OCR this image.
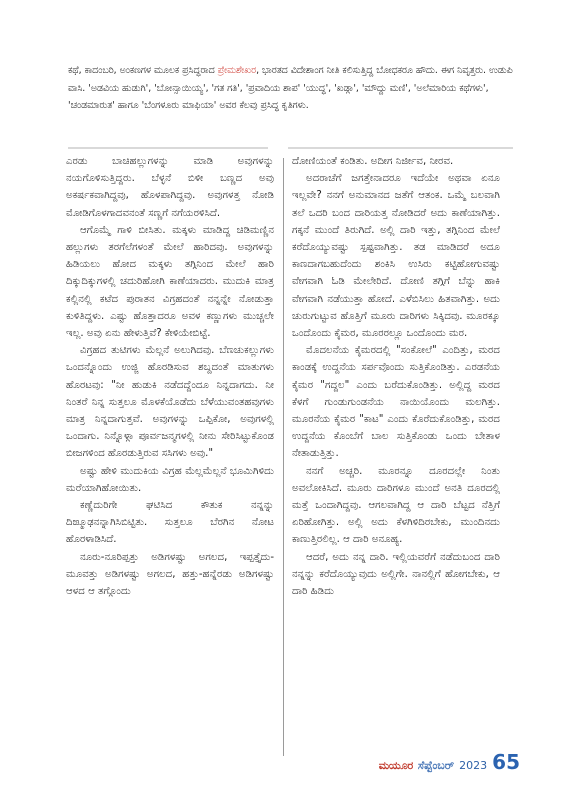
ಕಥೆ, ಕಾದಂಬರಿ, ಅಂಕಣಗಳ ಮೂಲಕ ಪ್ರಸಿದ್ಧರಾದ ಪ್ರೇಮಶೇಖರ, ಭಾರತದ ವಿದೇಶಾಂಗ ನೀತಿ ಕಲಿಸುತ್ತಿದ್ದ ಬೋಧಕರೂ ಹೌದು. ಈಗ ನಿವೃತ್ತರು. ಉಡುಪಿ ವಾಸಿ. 'ಅಡವಿಯ ಹುಡುಗಿ', 'ಬೋನ್ಸಾಯಿಯ್ಯ', 'ಗತ ಗತಿ', 'ಪ್ರವಾದಿಯ ಶಾಪ' 'ಯುದ್ಧ', 'ಖಡ್ಗಾ', 'ಮೌದ್ದು ಮಣಿ', 'ಅಲೆಮಾರಿಯ ಕಥೆಗಳು', 'ಚಂಡಮಾರುತ' ಹಾಗೂ 'ಬೆಂಗಳೂರು ಮಾಫಿಯಾ' ಅವರ ಕೆಲವು ಪ್ರಸಿದ್ಧ ಕೃತಿಗಳು.

ಎರಡು ಬಾಚಿಹಲ್ಲುಗಳನ್ನು ಮಾಡಿ ಅವುಗಳನ್ನು ನಯಗೊಳಿಸುತ್ತಿದ್ದರು. ಬೆಳ್ಳನೆ ಬಿಳೀ ಬಣ್ಣದ ಅವು ಅಕರ್ಷಕವಾಗಿದ್ದವು, ಹೊಳಪಾಗಿದ್ದವು. ಅವುಗಳತ್ತ ನೋಡಿ ಮೋಡಿಗೊಳಗಾದವನಂತೆ ಸಣ್ಣಗೆ ನಗೆಯರಳಿಸಿದೆ.

ಆಗೊಮ್ಮೆ ಗಾಳಿ ಬೀಸಿತು. ಮಕ್ಕಳು ಮಾಡಿದ್ದ ಚಿಡಿಮಣ್ಣಿನ ಹಲ್ಲುಗಳು ತರಗೆಲೆಗಳಂತೆ ಮೇಲೆ ಹಾರಿದವು. ಅವುಗಳನ್ನು ಹಿಡಿಯಲು ಹೋದ ಮಕ್ಕಳು ತಗ್ಗಿನಿಂದ ಮೇಲೆ ಹಾರಿ ದಿಕ್ಕುದಿಕ್ಕುಗಳಲ್ಲಿ ಚದುರಿಹೋಗಿ ಕಾಣೆಯಾದರು. ಮುದುಕಿ ಮಾತ್ರ ಕಲ್ಲಿನಲ್ಲಿ ಕಟೆದ ಪುರಾತನ ವಿಗ್ರಹದಂತೆ ನನ್ನನ್ನೇ ನೋಡುತ್ತಾ ಕುಳಿತಿದ್ದಳು. ಎಷ್ಟು ಹೊತ್ತಾದರೂ ಅವಳ ಕಣ್ಣುಗಳು ಮುಚ್ಚಲೇ ಇಲ್ಲ. ಅವು ಏನು ಹೇಳುತ್ತಿವೆ? ಕೇಳಿಯೇಬಿಟ್ಟೆ.

ವಿಗ್ರಹದ ತುಟಿಗಳು ಮೆಲ್ಲನೆ ಅಲುಗಿದವು. ಬೆಣಚುಕಲ್ಲುಗಳು ಒಂದನ್ನೊಂದು ಉಜ್ಜಿ ಹೊರಡಿಸುವ ಶಬ್ದದಂತೆ ಮಾತುಗಳು ಹೊರಟವು: "ನೀ ಹುಡುಕಿ ನಡೆದದ್ದೆಂದೂ ನಿನ್ನದಾಗದು. ನೀ ನಿಂತರೆ ನಿನ್ನ ಸುತ್ತಲೂ ಮೊಳಕೆಯೊಡೆದು ಬೆಳೆಯುವಂತಹವುಗಳು ಮಾತ್ರ ನಿನ್ನದಾಗುತ್ತವೆ. ಅವುಗಳನ್ನು ಒಪ್ಪಿಕೋ, ಅವುಗಳಲ್ಲಿ ಒಂದಾಗು. ನಿನ್ನೊಳ್ಗಾ ಪೂರ್ವಜನ್ಮಗಳಲ್ಲಿ ನೀನು ಸೇರಿಸಿಟ್ಟುಕೊಂಡ ಬೀಜಗಳಿಂದ ಹೊರಡುತ್ತಿರುವ ಸಸಿಗಳು ಅವು."

ಅಷ್ಟು ಹೇಳಿ ಮುದುಕಿಯ ವಿಗ್ರಹ ಮೆಲ್ಲಮೆಲ್ಲನೆ ಭೂಮಿಗಿಳಿದು ಮರೆಯಾಗಿಹೋಯಿತು.

ಕಣ್ಣೆದುರಿಗೇ ಘಟಿಸಿದ ಕೌತುಕ ನನ್ನನ್ನು ದಿಙ್ಮೂಢನನ್ನಾಗಿಸಿಬಿಟ್ಟಿತು. ಸುತ್ತಲೂ ಬೆರಗಿನ ನೋಟ ಹೊರಳಾಡಿಸಿದೆ.

ನೂರು-ನೂರಿಪ್ಪತ್ತು ಅಡಿಗಳಷ್ಟು ಅಗಲದ, ಇಪ್ಪತ್ತೈದು-ಮೂವತ್ತು ಅಡಿಗಳಷ್ಟು ಅಗಲದ, ಹತ್ತು-ಹನ್ನೆರಡು ಅಡಿಗಳಷ್ಟು ಆಳದ ಆ ತಗ್ಗೊಂದು

ದೋಣಿಯಂತೆ ಕಂಡಿತು. ಅದೀಗ ನಿರ್ಜೀವ, ನೀರವ.

ಅದರಾಚೆಗೆ ಜಗತ್ತೇನಾದರೂ ಇದೆಯೇ ಅಥವಾ ಏನೂ ಇಲ್ಲವೇ? ನನಗೆ ಅನುಮಾನದ ಜತೆಗೆ ಆತಂಕ. ಒಮ್ಮೆ ಬಲವಾಗಿ ತಲೆ ಒದರಿ ಬಂದ ದಾರಿಯತ್ತ ನೋಡಿದರೆ ಅದು ಕಾಣೆಯಾಗಿತ್ತು. ಗಕ್ಕನೆ ಮುಂದೆ ತಿರುಗಿದೆ. ಅಲ್ಲಿ ದಾರಿ ಇತ್ತು, ತಗ್ಗಿನಿಂದ ಮೇಲೆ ಕರೆದೊಯ್ಯುವಷ್ಟು ಸ್ಪಷ್ಟವಾಗಿತ್ತು. ತಡ ಮಾಡಿದರೆ ಅದೂ ಕಾಣದಾಗಬಹುದೆಂದು ಶಂಕಿಸಿ ಉಸಿರು ಕಟ್ಟಿಹೋಗುವಷ್ಟು ವೇಗವಾಗಿ ಓಡಿ ಮೇಲೇರಿದೆ. ದೋಣಿ ತಗ್ಗಿಗೆ ಬೆನ್ನು ಹಾಕಿ ವೇಗವಾಗಿ ನಡೆಯುತ್ತಾ ಹೋದೆ. ಎಳೆಬಿಸಿಲು ಹಿತವಾಗಿತ್ತು. ಅದು ಚುರುಗುಟ್ಟುವ ಹೊತ್ತಿಗೆ ಮೂರು ದಾರಿಗಳು ಸಿಕ್ಕಿದವು. ಮೂರಕ್ಕೂ ಒಂದೊಂದು ಕೈಮರ, ಮೂರರಲ್ಲೂ ಒಂದೊಂದು ಮರ.

ಮೊದಲನೆಯ ಕೈಮರದಲ್ಲಿ "ಸಂಕೋಲೆ" ಎಂದಿತ್ತು, ಮರದ ಕಾಂಡಕ್ಕೆ ಉದ್ದನೆಯ ಸರ್ಪವೊಂದು ಸುತ್ತಿಕೊಂಡಿತ್ತು. ಎರಡನೆಯ ಕೈಮರ "ಗದ್ದಲ" ಎಂದು ಬರೆದುಕೊಂಡಿತ್ತು. ಅಲ್ಲಿದ್ದ ಮರದ ಕೆಳಗೆ ಗುಂಡುಗುಂಡನೆಯ ನಾಯಿಯೊಂದು ಮಲಗಿತ್ತು. ಮೂರನೆಯ ಕೈಮರ "ಕಾಟ" ಎಂದು ಕೊರೆದುಕೊಂಡಿತ್ತು, ಮರದ ಉದ್ದನೆಯ ಕೊಂಬೆಗೆ ಬಾಲ ಸುತ್ತಿಕೊಂಡು ಒಂದು ಬೇತಾಳ ನೇತಾಡುತ್ತಿತ್ತು.

ನನಗೆ ಅಚ್ಚರಿ. ಮೂರನ್ನೂ ದೂರದಲ್ಲೇ ನಿಂತು ಅವಲೋಕಿಸಿದೆ. ಮೂರು ದಾರಿಗಳೂ ಮುಂದೆ ಅನತಿ ದೂರದಲ್ಲಿ ಮತ್ತೆ ಒಂದಾಗಿದ್ದವು. ಆಗಲವಾಗಿದ್ದ ಆ ದಾರಿ ಬೆಟ್ಟದ ನೆತ್ತಿಗೆ ಏರಿಹೋಗಿತ್ತು. ಅಲ್ಲಿ ಅದು ಕೆಳಗಿಳಿದಿರಬೇಕು, ಮುಂದಿನದು ಕಾಣುತ್ತಿರಲಿಲ್ಲ. ಆ ದಾರಿ ಅನೂಹ್ಯ.

ಆದರೆ, ಅದು ನನ್ನ ದಾರಿ. ಇಲ್ಲಿಯವರೆಗೆ ನಡೆದುಬಂದ ದಾರಿ ನನ್ನನ್ನು ಕರೆದೊಯ್ಯುವುದು ಅಲ್ಲಿಗೇ. ನಾನಲ್ಲಿಗೆ ಹೋಗಬೇಕು, ಆ ದಾರಿ ಹಿಡಿದು

ಮಯೂರ ಸೆಪ್ಟೆಂಬರ್ 2023 65
